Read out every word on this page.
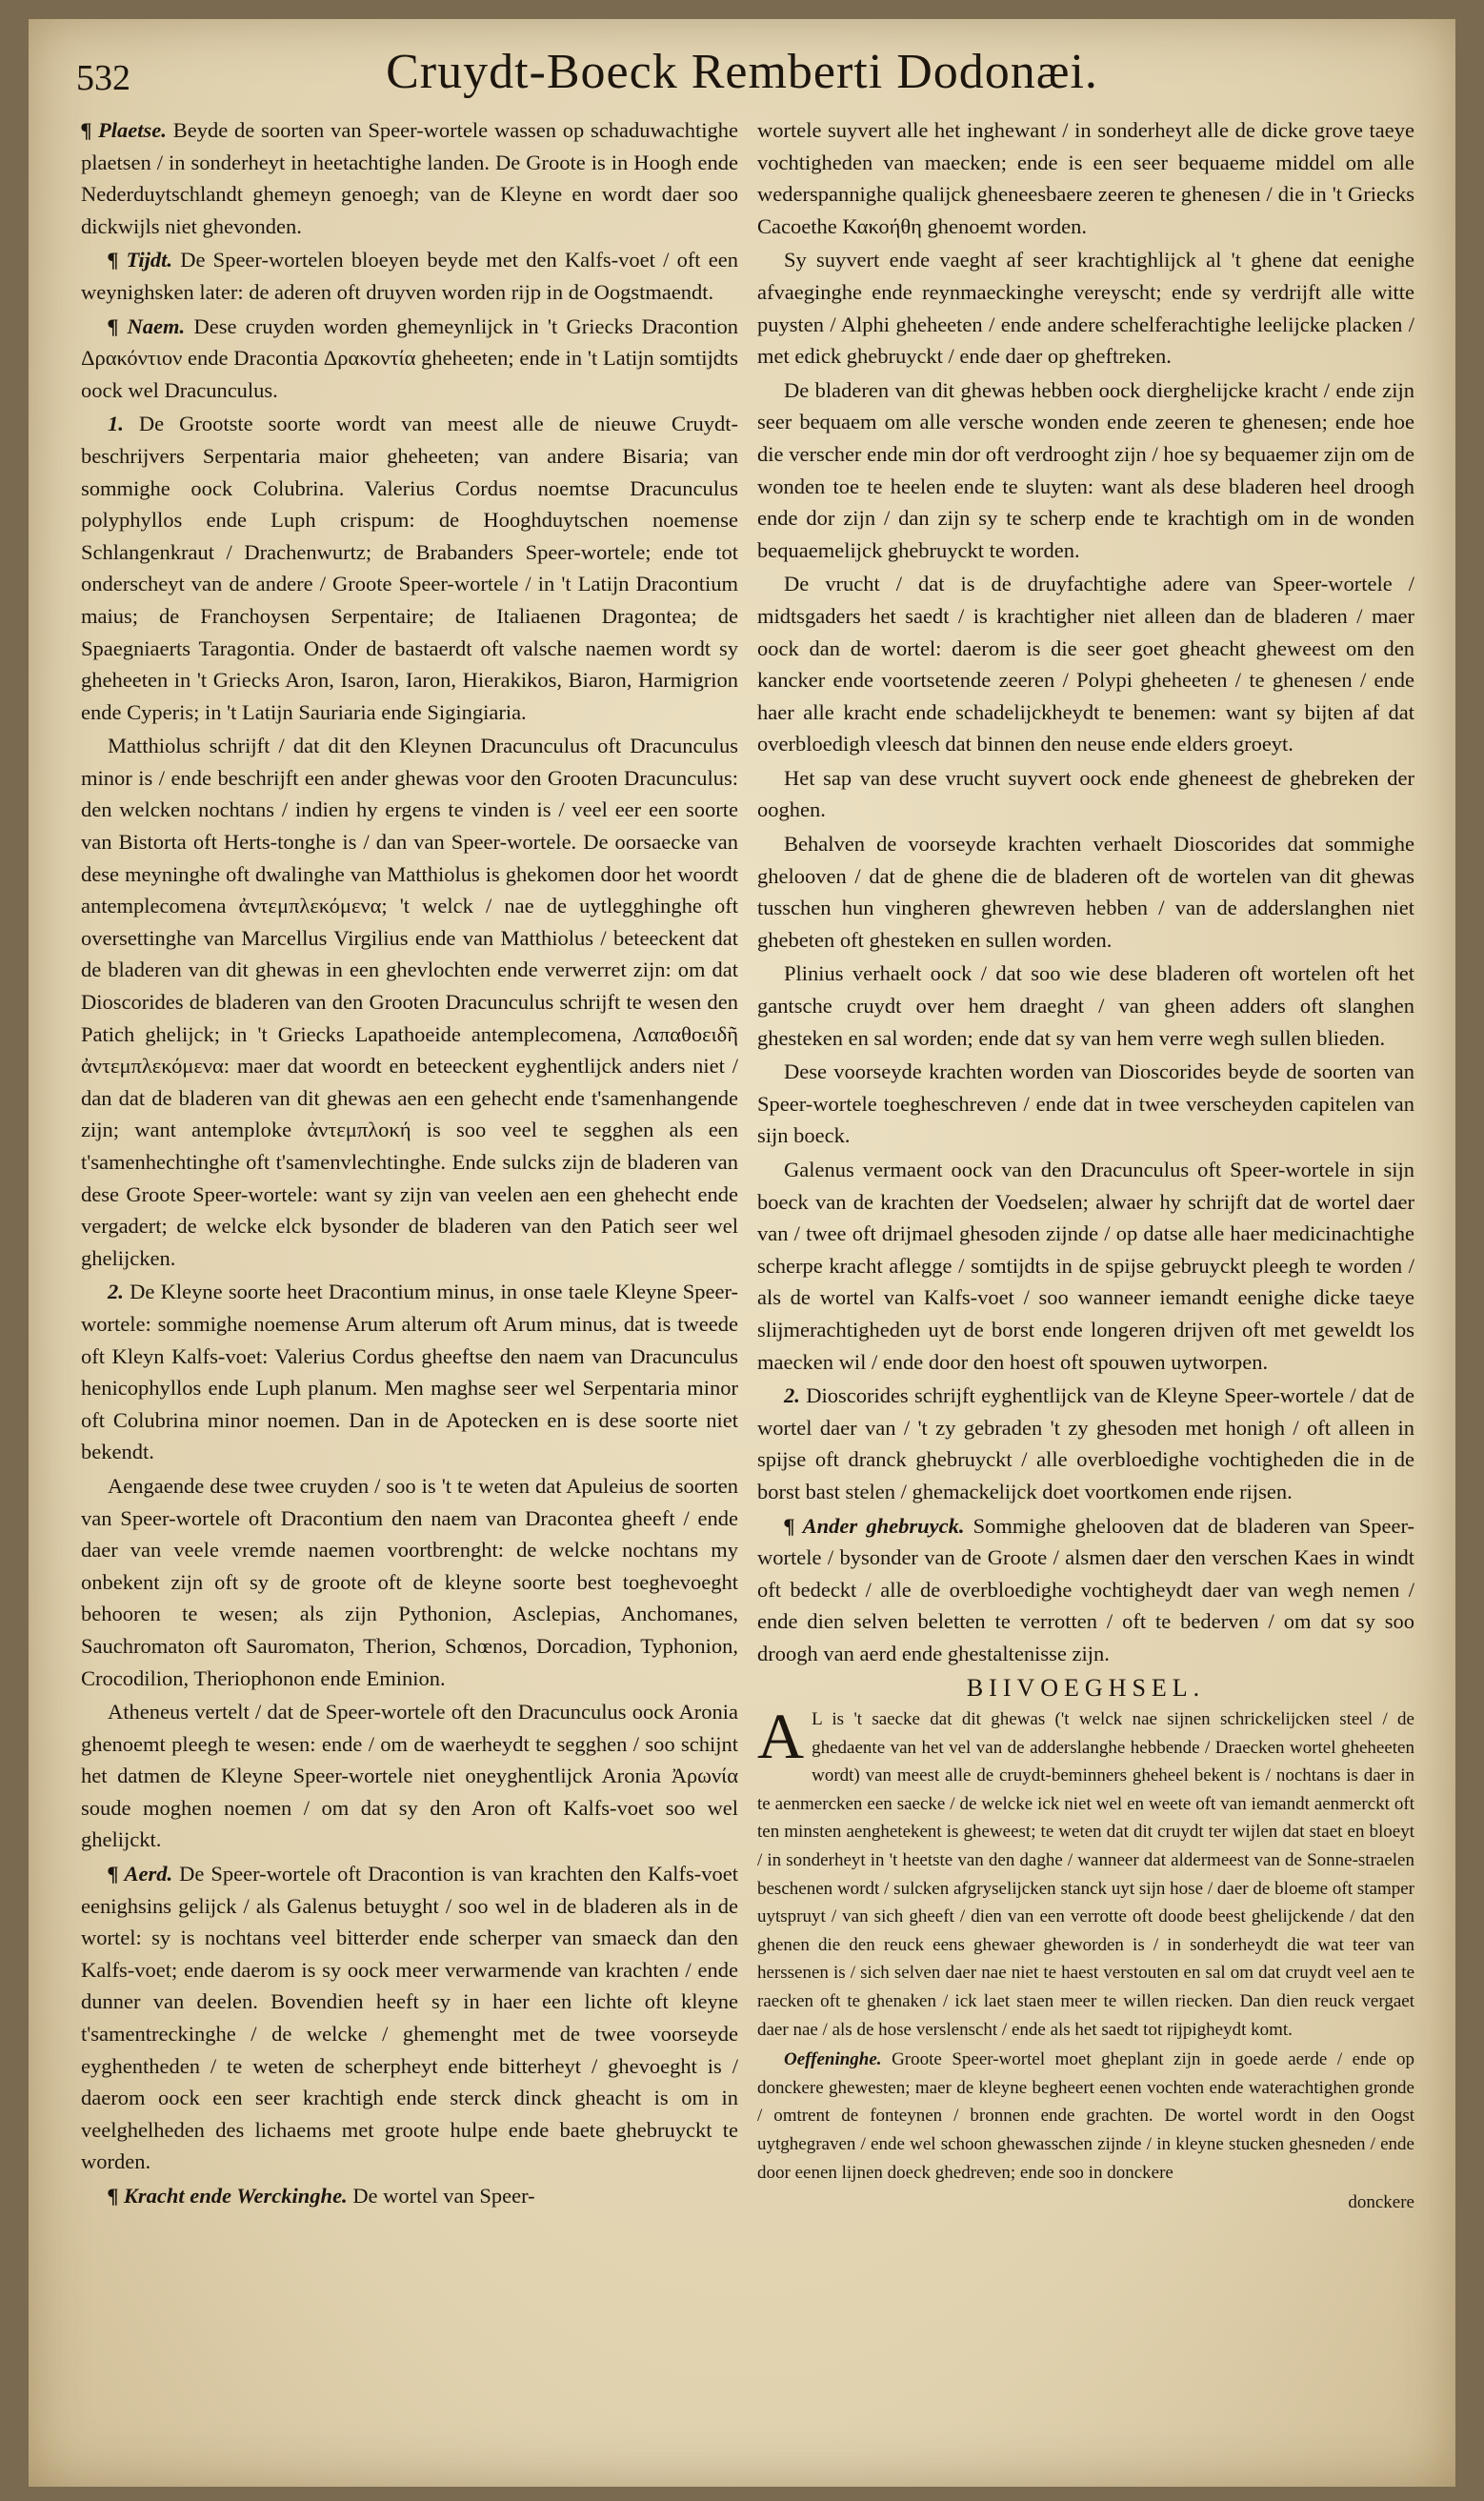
532	Cruydt-Boeck Remberti Dodonæi.

¶ Plaetse. Beyde de soorten van Speer-wortele wassen op schaduwachtighe plaetsen / in sonderheyt in heetachtighe landen. De Groote is in Hoogh ende Nederduytschlandt ghemeyn genoegh; van de Kleyne en wordt daer soo dickwijls niet ghevonden.

¶ Tijdt. De Speer-wortelen bloeyen beyde met den Kalfs-voet / oft een weynighsken later: de aderen oft druyven worden rijp in de Oogstmaendt.

¶ Naem. Dese cruyden worden ghemeynlijck in 't Griecks Dracontion Δρακόντιον ende Dracontia Δρακοντία gheheeten; ende in 't Latijn somtijdts oock wel Dracunculus.

1. De Grootste soorte wordt van meest alle de nieuwe Cruydt-beschrijvers Serpentaria maior gheheeten; van andere Bisaria; van sommighe oock Colubrina. Valerius Cordus noemtse Dracunculus polyphyllos ende Luph crispum: de Hooghduytschen noemense Schlangenkraut / Drachenwurtz; de Brabanders Speer-wortele; ende tot onderscheyt van de andere / Groote Speer-wortele / in 't Latijn Dracontium maius; de Franchoysen Serpentaire; de Italiaenen Dragontea; de Spaegniaerts Taragontia. Onder de bastaerdt oft valsche naemen wordt sy gheheeten in 't Griecks Aron, Isaron, Iaron, Hierakikos, Biaron, Harmigrion ende Cyperis; in 't Latijn Sauriaria ende Sigingiaria.

Matthiolus schrijft / dat dit den Kleynen Dracunculus oft Dracunculus minor is / ende beschrijft een ander ghewas voor den Grooten Dracunculus: den welcken nochtans / indien hy ergens te vinden is / veel eer een soorte van Bistorta oft Herts-tonghe is / dan van Speer-wortele. De oorsaecke van dese meyninghe oft dwalinghe van Matthiolus is ghekomen door het woordt antemplecomena ἀντεμπλεκόμενα; 't welck / nae de uytlegghinghe oft oversettinghe van Marcellus Virgilius ende van Matthiolus / beteeckent dat de bladeren van dit ghewas in een ghevlochten ende verwerret zijn: om dat Dioscorides de bladeren van den Grooten Dracunculus schrijft te wesen den Patich ghelijck; in 't Griecks Lapathoeide antemplecomena, Λαπαθοειδῆ ἀντεμπλεκόμενα: maer dat woordt en beteeckent eyghentlijck anders niet / dan dat de bladeren van dit ghewas aen een gehecht ende t'samenhangende zijn; want antemploke ἀντεμπλοκή is soo veel te segghen als een t'samenhechtinghe oft t'samenvlechtinghe. Ende sulcks zijn de bladeren van dese Groote Speer-wortele: want sy zijn van veelen aen een ghehecht ende vergadert; de welcke elck bysonder de bladeren van den Patich seer wel ghelijcken.

2. De Kleyne soorte heet Dracontium minus, in onse taele Kleyne Speer-wortele: sommighe noemense Arum alterum oft Arum minus, dat is tweede oft Kleyn Kalfs-voet: Valerius Cordus gheeftse den naem van Dracunculus henicophyllos ende Luph planum. Men maghse seer wel Serpentaria minor oft Colubrina minor noemen. Dan in de Apotecken en is dese soorte niet bekendt.

Aengaende dese twee cruyden / soo is 't te weten dat Apuleius de soorten van Speer-wortele oft Dracontium den naem van Dracontea gheeft / ende daer van veele vremde naemen voortbrenght: de welcke nochtans my onbekent zijn oft sy de groote oft de kleyne soorte best toeghevoeght behooren te wesen; als zijn Pythonion, Asclepias, Anchomanes, Sauchromaton oft Sauromaton, Therion, Schœnos, Dorcadion, Typhonion, Crocodilion, Theriophonon ende Eminion.

Atheneus vertelt / dat de Speer-wortele oft den Dracunculus oock Aronia ghenoemt pleegh te wesen: ende / om de waerheydt te segghen / soo schijnt het datmen de Kleyne Speer-wortele niet oneyghentlijck Aronia Ἀρωνία soude moghen noemen / om dat sy den Aron oft Kalfs-voet soo wel ghelijckt.

¶ Aerd. De Speer-wortele oft Dracontion is van krachten den Kalfs-voet eenighsins gelijck / als Galenus betuyght / soo wel in de bladeren als in de wortel: sy is nochtans veel bitterder ende scherper van smaeck dan den Kalfs-voet; ende daerom is sy oock meer verwarmende van krachten / ende dunner van deelen. Bovendien heeft sy in haer een lichte oft kleyne t'samentreckinghe / de welcke / ghemenght met de twee voorseyde eyghentheden / te weten de scherpheyt ende bitterheyt / ghevoeght is / daerom oock een seer krachtigh ende sterck dinck gheacht is om in veelghelheden des lichaems met groote hulpe ende baete ghebruyckt te worden.

¶ Kracht ende Werckinghe. De wortel van Speer-

wortele suyvert alle het inghewant / in sonderheyt alle de dicke grove taeye vochtigheden van maecken; ende is een seer bequaeme middel om alle wederspannighe qualijck gheneesbaere zeeren te ghenesen / die in 't Griecks Cacoethe Κακοήθη ghenoemt worden.

Sy suyvert ende vaeght af seer krachtighlijck al 't ghene dat eenighe afvaeginghe ende reynmaeckinghe vereyscht; ende sy verdrijft alle witte puysten / Alphi gheheeten / ende andere schelferachtighe leelijcke placken / met edick ghebruyckt / ende daer op gheftreken.

De bladeren van dit ghewas hebben oock dierghelijcke kracht / ende zijn seer bequaem om alle versche wonden ende zeeren te ghenesen; ende hoe die verscher ende min dor oft verdrooght zijn / hoe sy bequaemer zijn om de wonden toe te heelen ende te sluyten: want als dese bladeren heel droogh ende dor zijn / dan zijn sy te scherp ende te krachtigh om in de wonden bequaemelijck ghebruyckt te worden.

De vrucht / dat is de druyfachtighe adere van Speer-wortele / midtsgaders het saedt / is krachtigher niet alleen dan de bladeren / maer oock dan de wortel: daerom is die seer goet gheacht gheweest om den kancker ende voortsetende zeeren / Polypi gheheeten / te ghenesen / ende haer alle kracht ende schadelijckheydt te benemen: want sy bijten af dat overbloedigh vleesch dat binnen den neuse ende elders groeyt.

Het sap van dese vrucht suyvert oock ende gheneest de ghebreken der ooghen.

Behalven de voorseyde krachten verhaelt Dioscorides dat sommighe ghelooven / dat de ghene die de bladeren oft de wortelen van dit ghewas tusschen hun vingheren ghewreven hebben / van de adderslanghen niet ghebeten oft ghesteken en sullen worden.

Plinius verhaelt oock / dat soo wie dese bladeren oft wortelen oft het gantsche cruydt over hem draeght / van gheen adders oft slanghen ghesteken en sal worden; ende dat sy van hem verre wegh sullen blieden.

Dese voorseyde krachten worden van Dioscorides beyde de soorten van Speer-wortele toegheschreven / ende dat in twee verscheyden capitelen van sijn boeck.

Galenus vermaent oock van den Dracunculus oft Speer-wortele in sijn boeck van de krachten der Voedselen; alwaer hy schrijft dat de wortel daer van / twee oft drijmael ghesoden zijnde / op datse alle haer medicinachtighe scherpe kracht aflegge / somtijdts in de spijse gebruyckt pleegh te worden / als de wortel van Kalfs-voet / soo wanneer iemandt eenighe dicke taeye slijmerachtigheden uyt de borst ende longeren drijven oft met geweldt los maecken wil / ende door den hoest oft spouwen uytworpen.

2. Dioscorides schrijft eyghentlijck van de Kleyne Speer-wortele / dat de wortel daer van / 't zy gebraden 't zy ghesoden met honigh / oft alleen in spijse oft dranck ghebruyckt / alle overbloedighe vochtigheden die in de borst bast stelen / ghemackelijck doet voortkomen ende rijsen.

¶ Ander ghebruyck. Sommighe ghelooven dat de bladeren van Speer-wortele / bysonder van de Groote / alsmen daer den verschen Kaes in windt oft bedeckt / alle de overbloedighe vochtigheydt daer van wegh nemen / ende dien selven beletten te verrotten / oft te bederven / om dat sy soo droogh van aerd ende ghestaltenisse zijn.

BIIVOEGHSEL.

A L is 't saecke dat dit ghewas ('t welck nae sijnen schrickelijcken steel / de ghedaente van het vel van de adderslanghe hebbende / Draecken wortel gheheeten wordt) van meest alle de cruydt-beminners gheheel bekent is / nochtans is daer in te aenmercken een saecke / de welcke ick niet wel en weete oft van iemandt aenmerckt oft ten minsten aenghetekent is gheweest; te weten dat dit cruydt ter wijlen dat staet en bloeyt / in sonderheyt in 't heetste van den daghe / wanneer dat aldermeest van de Sonne-straelen beschenen wordt / sulcken afgryselijcken stanck uyt sijn hose / daer de bloeme oft stamper uytspruyt / van sich gheeft / dien van een verrotte oft doode beest ghelijckende / dat den ghenen die den reuck eens ghewaer gheworden is / in sonderheydt die wat teer van herssenen is / sich selven daer nae niet te haest verstouten en sal om dat cruydt veel aen te raecken oft te ghenaken / ick laet staen meer te willen riecken. Dan dien reuck vergaet daer nae / als de hose verslenscht / ende als het saedt tot rijpigheydt komt.

Oeffeninghe. Groote Speer-wortel moet gheplant zijn in goede aerde / ende op donckere ghewesten; maer de kleyne begheert eenen vochten ende waterachtighen gronde / omtrent de fonteynen / bronnen ende grachten. De wortel wordt in den Oogst uytghegraven / ende wel schoon ghewasschen zijnde / in kleyne stucken ghesneden / ende door eenen lijnen doeck ghedreven; ende soo in donckere

donckere
